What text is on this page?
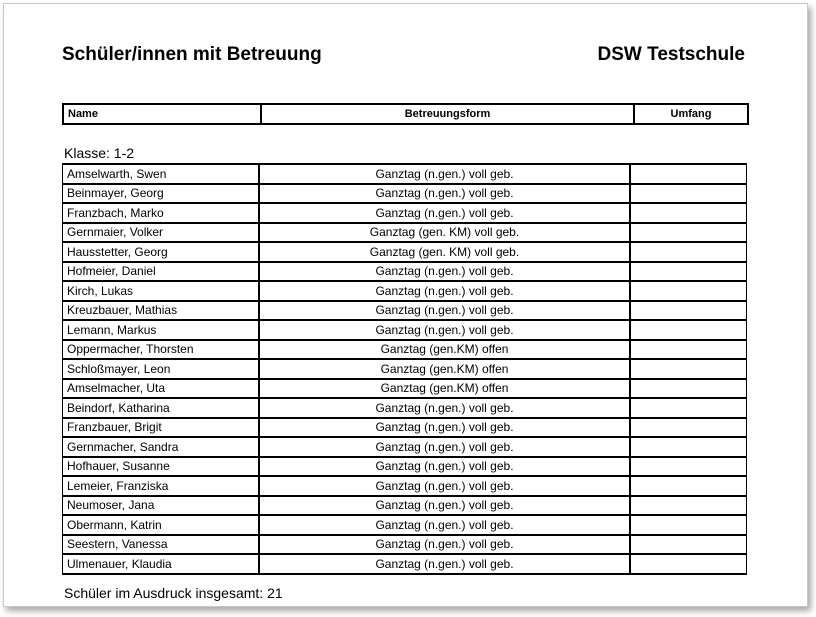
Schüler/innen mit Betreuung	DSW Testschule
Name	Betreuungsform	Umfang
Klasse: 1-2
Amselwarth, Swen	Ganztag (n.gen.) voll geb.
Beinmayer, Georg	Ganztag (n.gen.) voll geb.
Franzbach, Marko	Ganztag (n.gen.) voll geb.
Gernmaier, Volker	Ganztag (gen. KM) voll geb.
Hausstetter, Georg	Ganztag (gen. KM) voll geb.
Hofmeier, Daniel	Ganztag (n.gen.) voll geb.
Kirch, Lukas	Ganztag (n.gen.) voll geb.
Kreuzbauer, Mathias	Ganztag (n.gen.) voll geb.
Lemann, Markus	Ganztag (n.gen.) voll geb.
Oppermacher, Thorsten	Ganztag (gen.KM) offen
Schloßmayer, Leon	Ganztag (gen.KM) offen
Amselmacher, Uta	Ganztag (gen.KM) offen
Beindorf, Katharina	Ganztag (n.gen.) voll geb.
Franzbauer, Brigit	Ganztag (n.gen.) voll geb.
Gernmacher, Sandra	Ganztag (n.gen.) voll geb.
Hofhauer, Susanne	Ganztag (n.gen.) voll geb.
Lemeier, Franziska	Ganztag (n.gen.) voll geb.
Neumoser, Jana	Ganztag (n.gen.) voll geb.
Obermann, Katrin	Ganztag (n.gen.) voll geb.
Seestern, Vanessa	Ganztag (n.gen.) voll geb.
Ulmenauer, Klaudia	Ganztag (n.gen.) voll geb.
Schüler im Ausdruck insgesamt: 21
